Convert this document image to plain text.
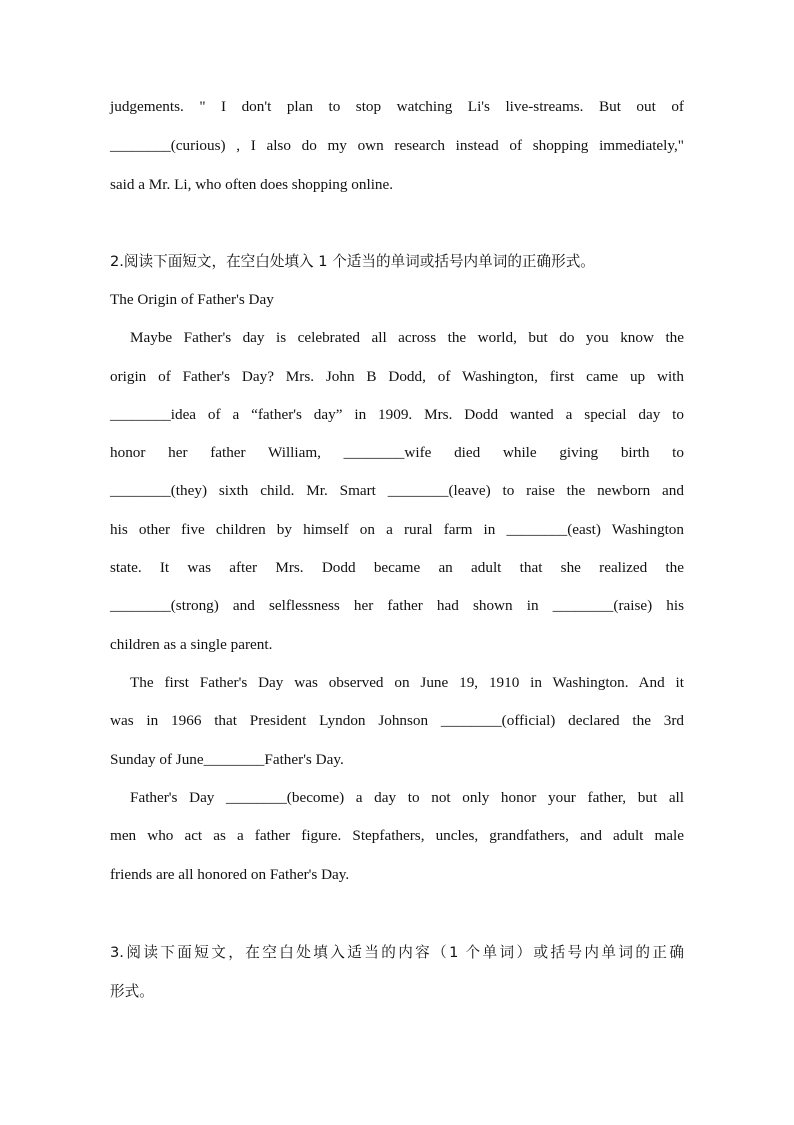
judgements. " I don't plan to stop watching Li's live-streams. But out of
________(curious) , I also do my own research instead of shopping immediately,"
said a Mr. Li, who often does shopping online.
2.阅读下面短文，在空白处填入 1 个适当的单词或括号内单词的正确形式。
The Origin of Father's Day
Maybe Father's day is celebrated all across the world, but do you know the
origin of Father's Day? Mrs. John B Dodd, of Washington, first came up with
________idea of a “father's day” in 1909. Mrs. Dodd wanted a special day to
honor her father William, ________wife died while giving birth to
________(they) sixth child. Mr. Smart ________(leave) to raise the newborn and
his other five children by himself on a rural farm in ________(east) Washington
state. It was after Mrs. Dodd became an adult that she realized the
________(strong) and selflessness her father had shown in ________(raise) his
children as a single parent.
The first Father's Day was observed on June 19, 1910 in Washington. And it
was in 1966 that President Lyndon Johnson ________(official) declared the 3rd
Sunday of June________Father's Day.
Father's Day ________(become) a day to not only honor your father, but all
men who act as a father figure. Stepfathers, uncles, grandfathers, and adult male
friends are all honored on Father's Day.
3.阅读下面短文，在空白处填入适当的内容（1 个单词）或括号内单词的正确
形式。
